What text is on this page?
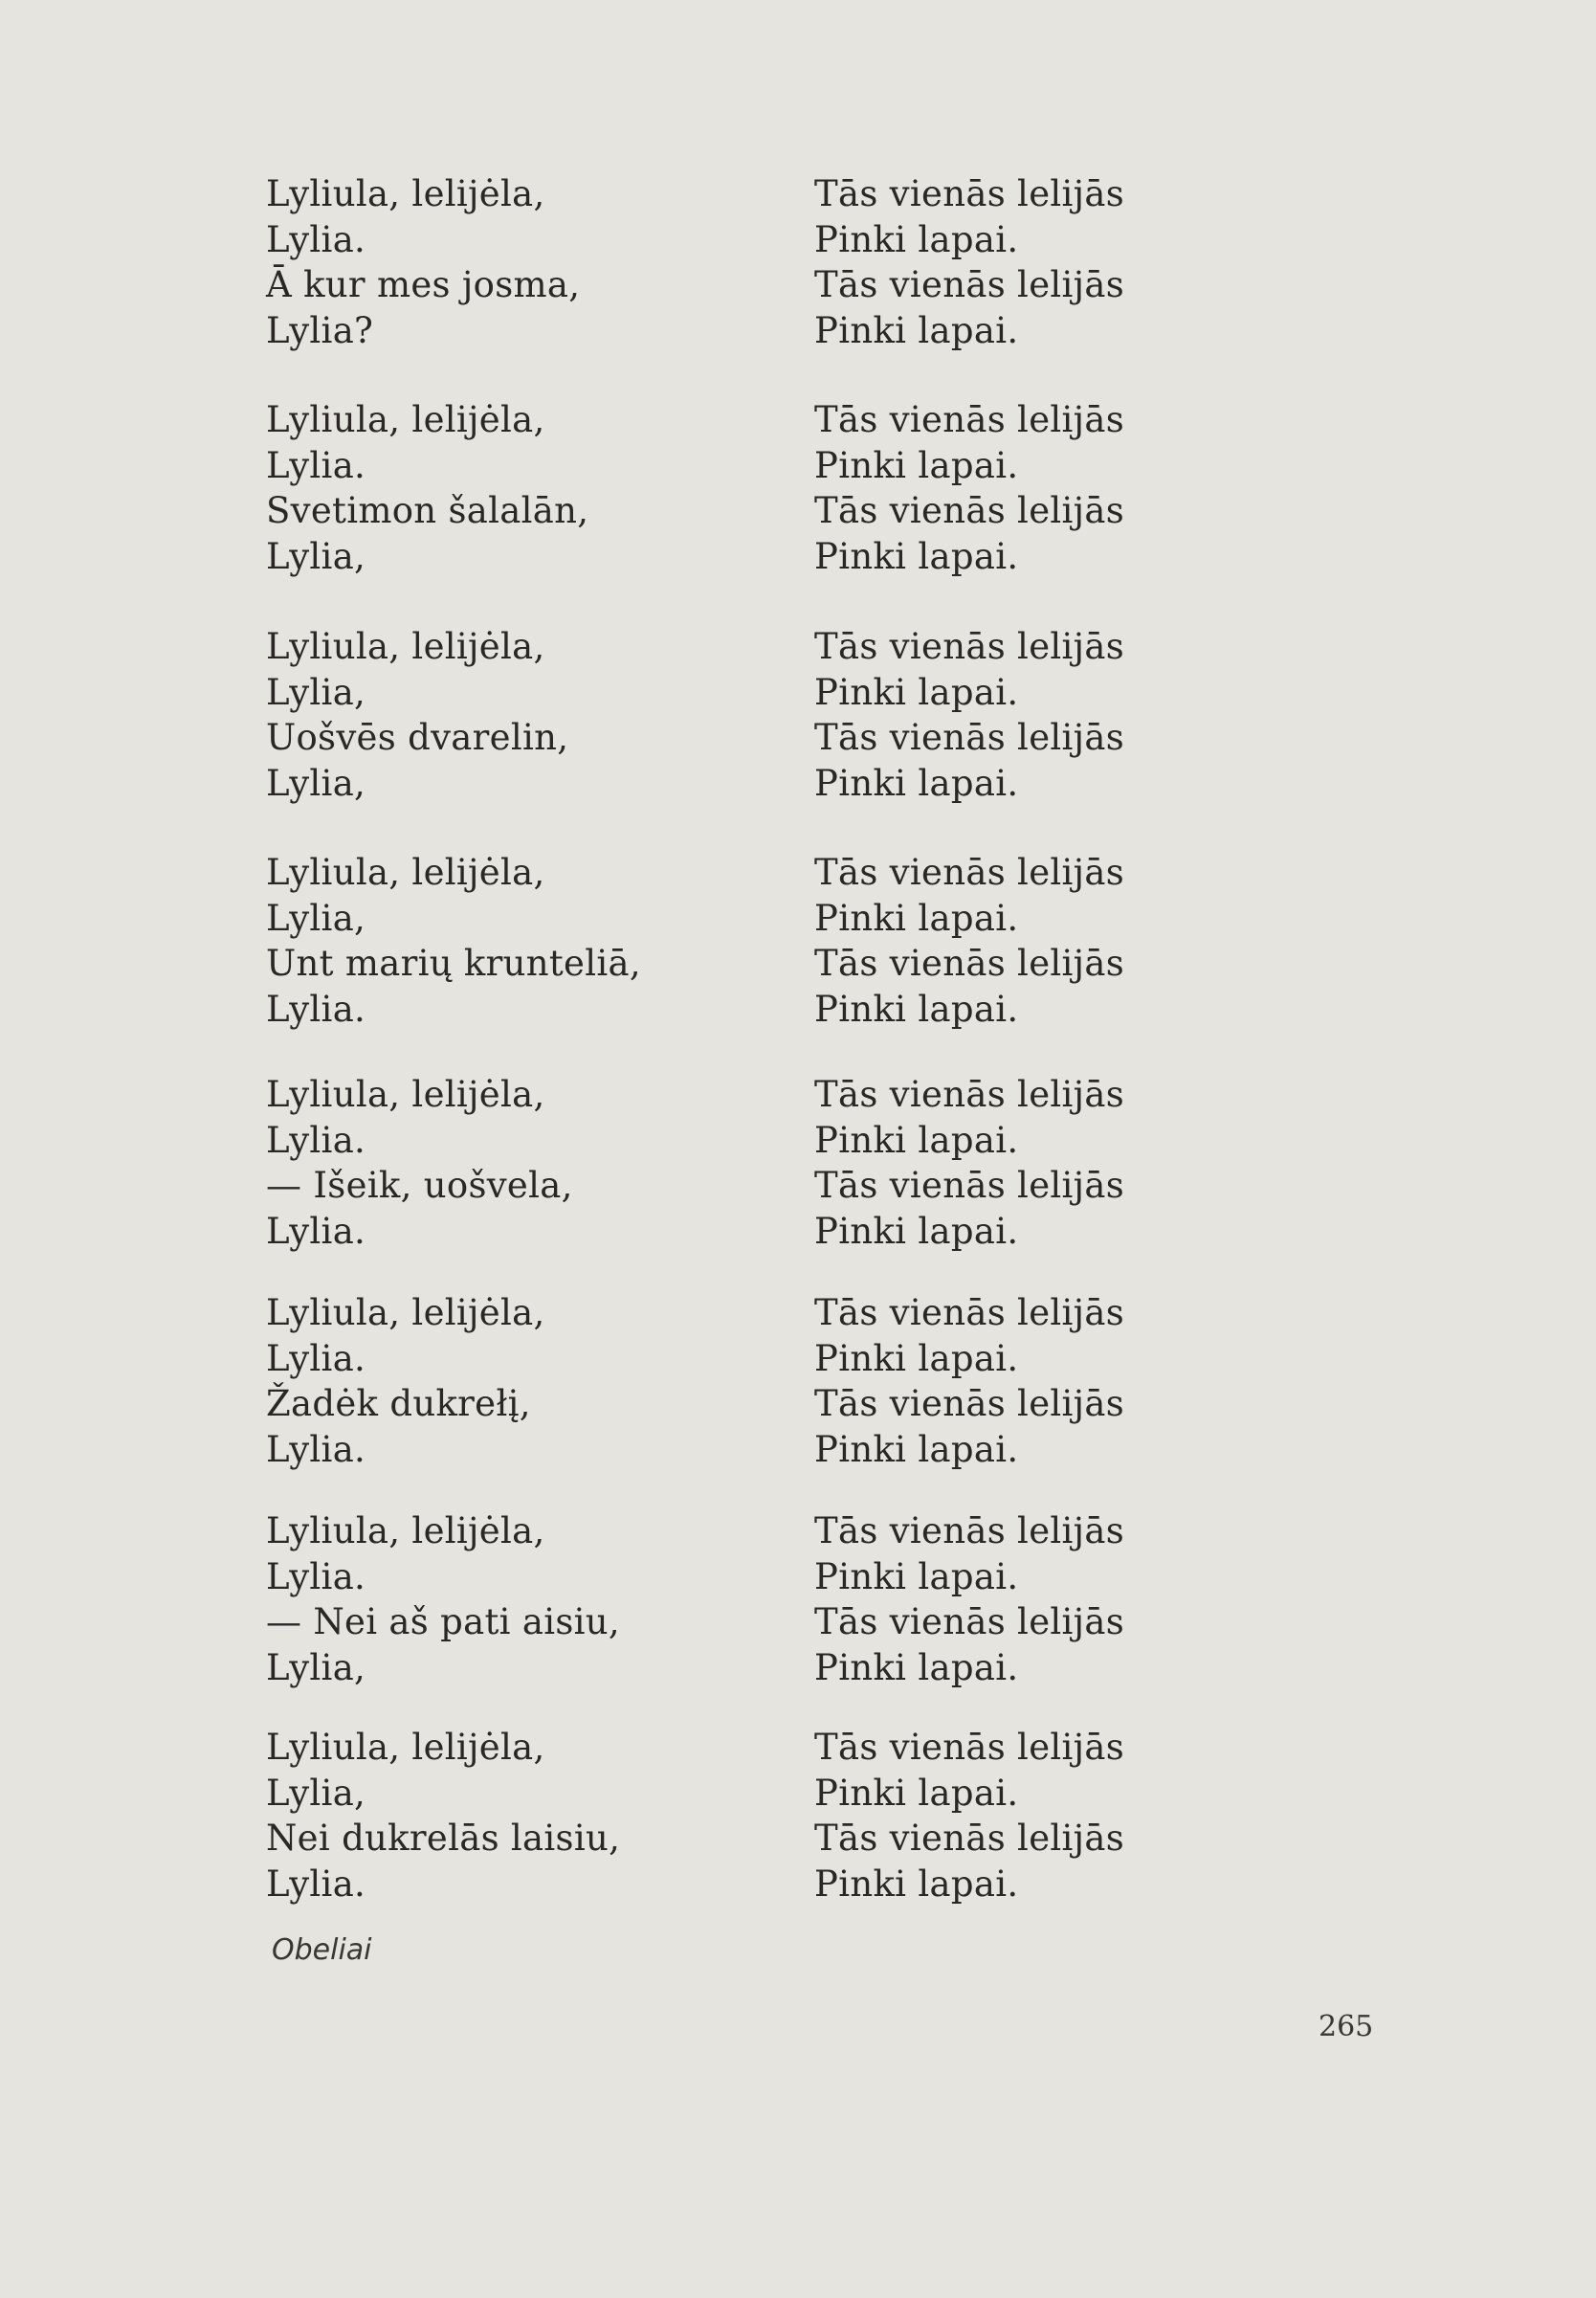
Lyliula, lelijėla,
Lylia.
Ā kur mes josma,
Lylia?
Tās vienās lelijās
Pinki lapai.
Tās vienās lelijās
Pinki lapai.
Lyliula, lelijėla,
Lylia.
Svetimon šalalān,
Lylia,
Tās vienās lelijās
Pinki lapai.
Tās vienās lelijās
Pinki lapai.
Lyliula, lelijėla,
Lylia,
Uošvēs dvarelin,
Lylia,
Tās vienās lelijās
Pinki lapai.
Tās vienās lelijās
Pinki lapai.
Lyliula, lelijėla,
Lylia,
Unt marių krunteliā,
Lylia.
Tās vienās lelijās
Pinki lapai.
Tās vienās lelijās
Pinki lapai.
Lyliula, lelijėla,
Lylia.
— Išeik, uošvela,
Lylia.
Tās vienās lelijās
Pinki lapai.
Tās vienās lelijās
Pinki lapai.
Lyliula, lelijėla,
Lylia.
Žadėk dukrełį,
Lylia.
Tās vienās lelijās
Pinki lapai.
Tās vienās lelijās
Pinki lapai.
Lyliula, lelijėla,
Lylia.
— Nei aš pati aisiu,
Lylia,
Tās vienās lelijās
Pinki lapai.
Tās vienās lelijās
Pinki lapai.
Lyliula, lelijėla,
Lylia,
Nei dukrelās laisiu,
Lylia.
Tās vienās lelijās
Pinki lapai.
Tās vienās lelijās
Pinki lapai.
Obeliai
265
